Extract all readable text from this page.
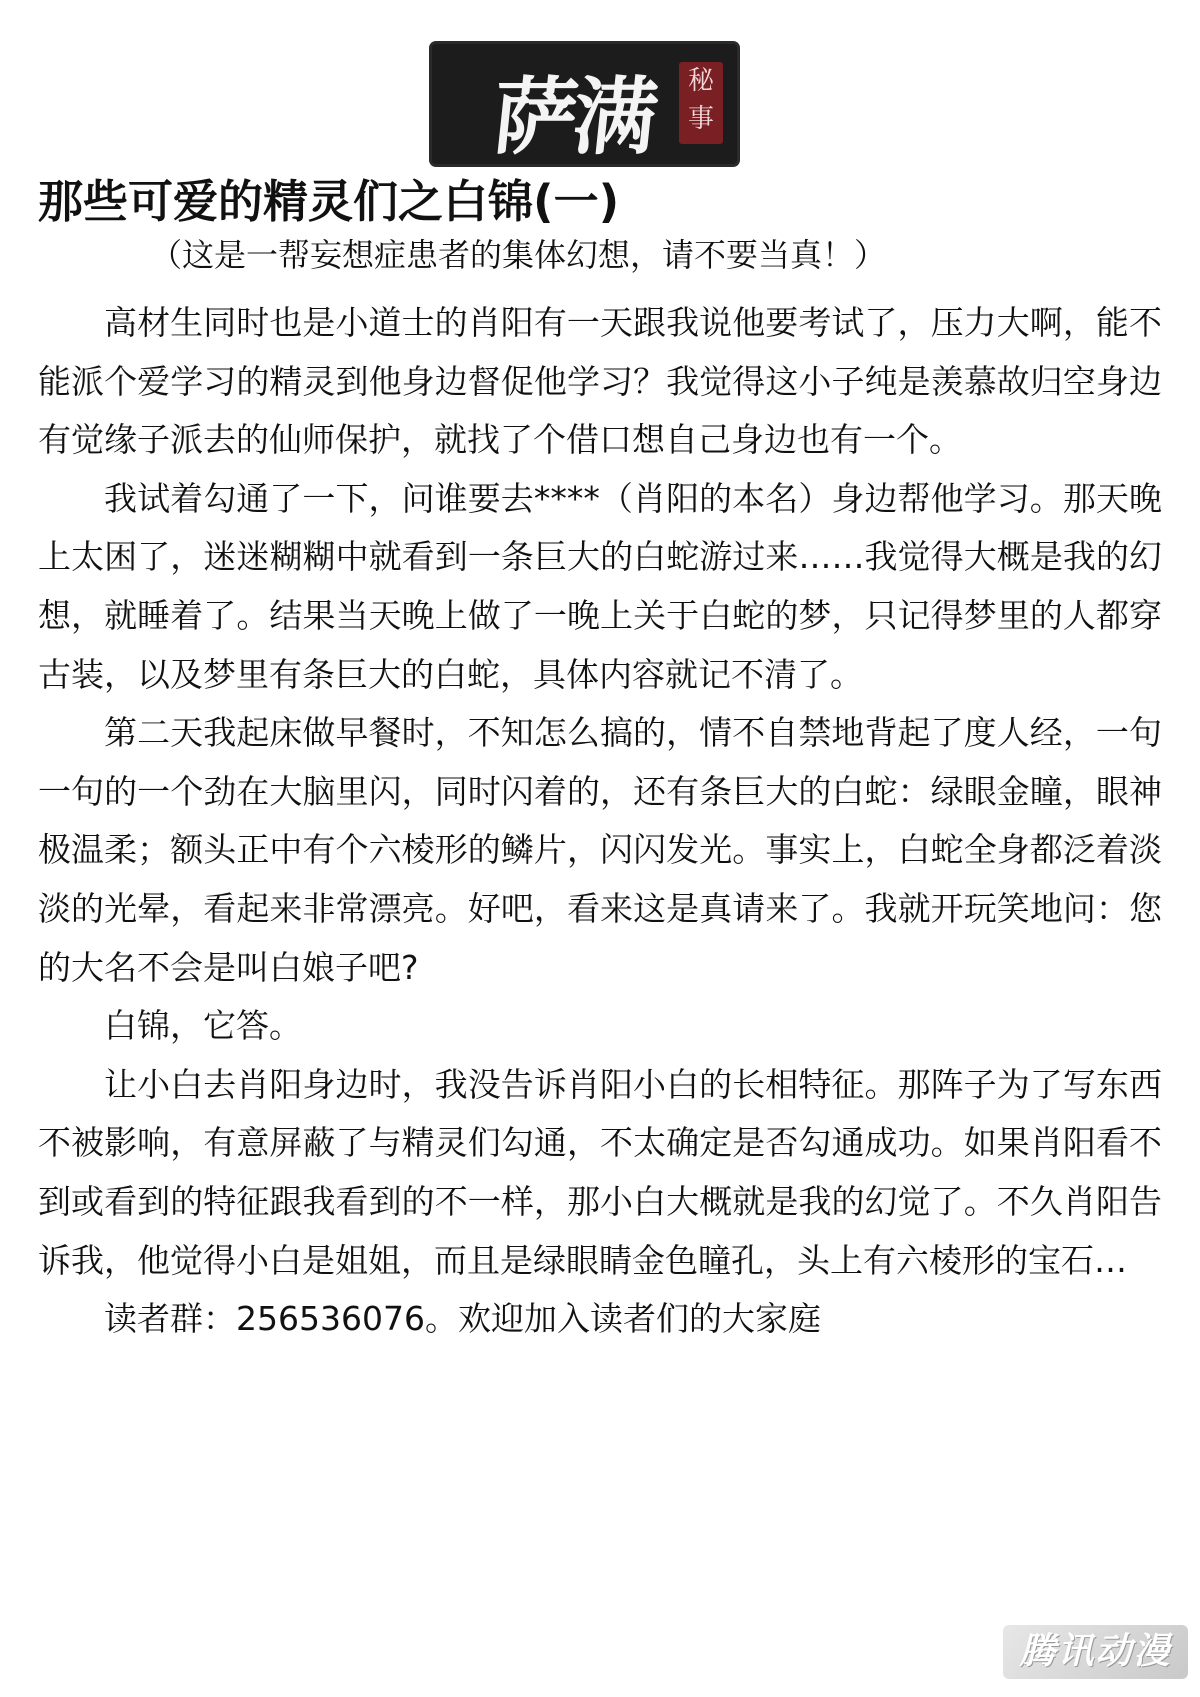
萨满	秘事
那些可爱的精灵们之白锦(一)
（这是一帮妄想症患者的集体幻想，请不要当真！）

高材生同时也是小道士的肖阳有一天跟我说他要考试了，压力大啊，能不能派个爱学习的精灵到他身边督促他学习？我觉得这小子纯是羡慕故归空身边有觉缘子派去的仙师保护，就找了个借口想自己身边也有一个。

我试着勾通了一下，问谁要去****（肖阳的本名）身边帮他学习。那天晚上太困了，迷迷糊糊中就看到一条巨大的白蛇游过来……我觉得大概是我的幻想，就睡着了。结果当天晚上做了一晚上关于白蛇的梦，只记得梦里的人都穿古装，以及梦里有条巨大的白蛇，具体内容就记不清了。

第二天我起床做早餐时，不知怎么搞的，情不自禁地背起了度人经，一句一句的一个劲在大脑里闪，同时闪着的，还有条巨大的白蛇：绿眼金瞳，眼神极温柔；额头正中有个六棱形的鳞片，闪闪发光。事实上，白蛇全身都泛着淡淡的光晕，看起来非常漂亮。好吧，看来这是真请来了。我就开玩笑地问：您的大名不会是叫白娘子吧?

白锦，它答。

让小白去肖阳身边时，我没告诉肖阳小白的长相特征。那阵子为了写东西不被影响，有意屏蔽了与精灵们勾通，不太确定是否勾通成功。如果肖阳看不到或看到的特征跟我看到的不一样，那小白大概就是我的幻觉了。不久肖阳告诉我，他觉得小白是姐姐，而且是绿眼睛金色瞳孔，头上有六棱形的宝石…

读者群：256536076。欢迎加入读者们的大家庭

腾讯动漫
